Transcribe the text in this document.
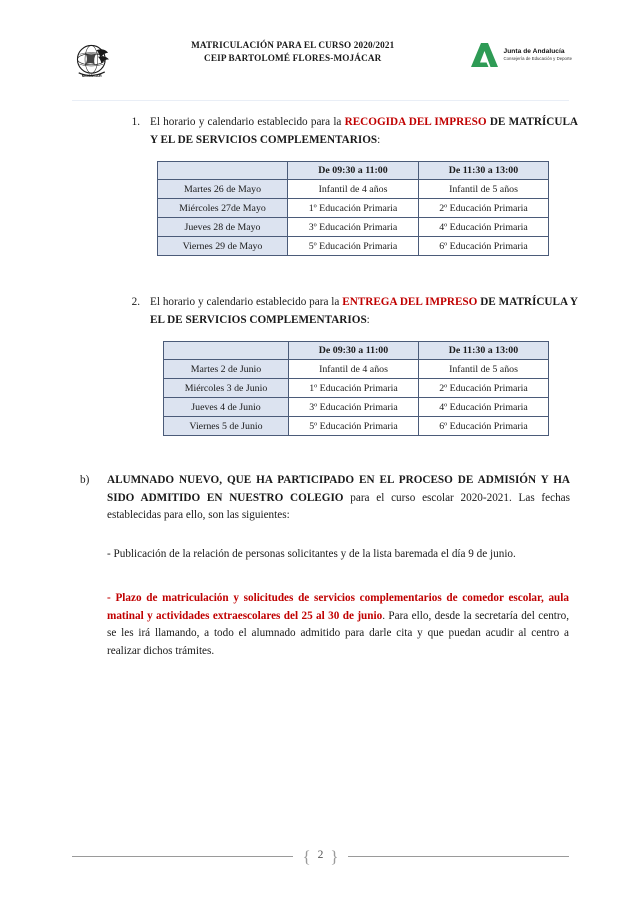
MOJÁCAR
MATRICULACIÓN PARA EL CURSO 2020/2021
CEIP BARTOLOMÉ FLORES-MOJÁCAR
Junta de Andalucía
Consejería de Educación y Deporte
1. El horario y calendario establecido para la RECOGIDA DEL IMPRESO DE MATRÍCULA Y EL DE SERVICIOS COMPLEMENTARIOS:
	De 09:30 a 11:00	De 11:30 a 13:00
Martes 26 de Mayo	Infantil de 4 años	Infantil de 5 años
Miércoles 27de Mayo	1º Educación Primaria	2º Educación Primaria
Jueves 28 de Mayo	3º Educación Primaria	4º Educación Primaria
Viernes 29 de Mayo	5º Educación Primaria	6º Educación Primaria
2. El horario y calendario establecido para la ENTREGA DEL IMPRESO DE MATRÍCULA Y EL DE SERVICIOS COMPLEMENTARIOS:
	De 09:30 a 11:00	De 11:30 a 13:00
Martes 2 de Junio	Infantil de 4 años	Infantil de 5 años
Miércoles 3 de Junio	1º Educación Primaria	2º Educación Primaria
Jueves 4 de Junio	3º Educación Primaria	4º Educación Primaria
Viernes 5 de Junio	5º Educación Primaria	6º Educación Primaria
b)	ALUMNADO NUEVO, QUE HA PARTICIPADO EN EL PROCESO DE ADMISIÓN Y HA SIDO ADMITIDO EN NUESTRO COLEGIO para el curso escolar 2020-2021. Las fechas establecidas para ello, son las siguientes:
- Publicación de la relación de personas solicitantes y de la lista baremada el día 9 de junio.
- Plazo de matriculación y solicitudes de servicios complementarios de comedor escolar, aula matinal y actividades extraescolares del 25 al 30 de junio. Para ello, desde la secretaría del centro, se les irá llamando, a todo el alumnado admitido para darle cita y que puedan acudir al centro a realizar dichos trámites.
{ 2 }
